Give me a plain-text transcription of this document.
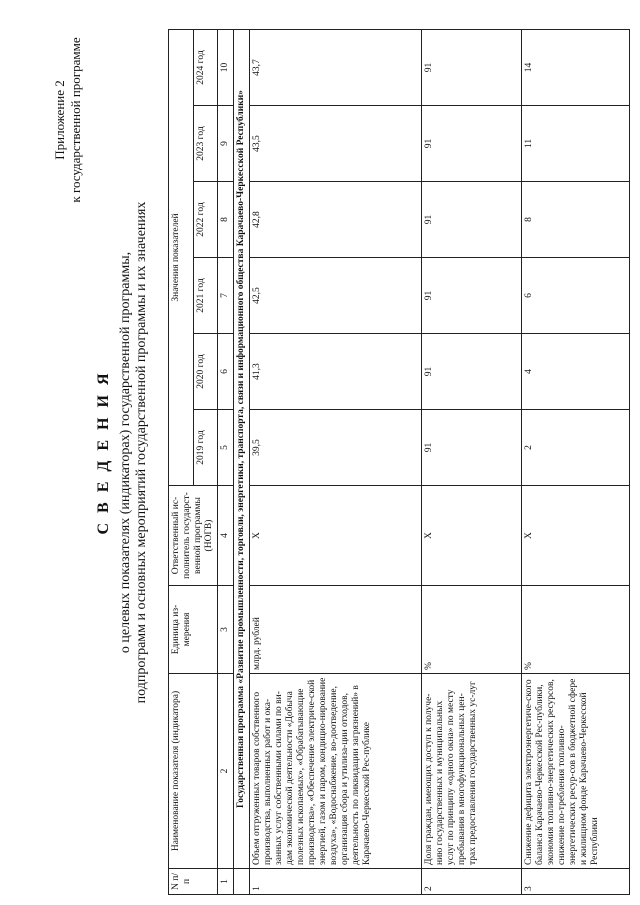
Приложение 2 к государственной программе
С В Е Д Е Н И Я о целевых показателях (индикаторах) государственной программы, подпрограмм и основных мероприятий государственной программы и их значениях
N п/п	Наименование показателя (индикатора)	Единица из-мерения	Ответственный ис-полнитель государст-венной программы (НОГВ)	Значения показателей					
				2019 год	2020 год	2021 год	2022 год	2023 год	2024 год
1	2	3	4	5	6	7	8	9	10
	Государственная программа «Развитие промышленности, торговли, энергетики, транспорта, связи и информационного общества Карачаево-Черкесской Республики»								
1	Объем отгруженных товаров собственного производства, выполненных работ и ока-занных услуг собственными силами по ви-дам экономической деятельности «Добыча полезных ископаемых», «Обрабатывающие производства», «Обеспечение электриче-ской энергией, газом и паром, кондицио-нирование воздуха», «Водоснабжение, во-доотведение, организация сбора и утилиза-ции отходов, деятельность по ликвидации загрязнений» в Карачаево-Черкесской Рес-публике	млрд. рублей	X	39,5	41,3	42,5	42,8	43,5	43,7
2	Доля граждан, имеющих доступ к получе-нию государственных и муниципальных услуг по принципу «одного окна» по месту пребывания в многофункциональных цен-трах предоставления государственных ус-луг	%	X	91	91	91	91	91	91
3	Снижение дефицита электроэнергетиче-ского баланса Карачаево-Черкесской Рес-публики, экономия топливно-энергетических ресурсов, снижение по-требления топливно-энергетических ресур-сов в бюджетной сфере и жилищном фонде Карачаево-Черкесской Республики	%	X	2	4	6	8	11	14
